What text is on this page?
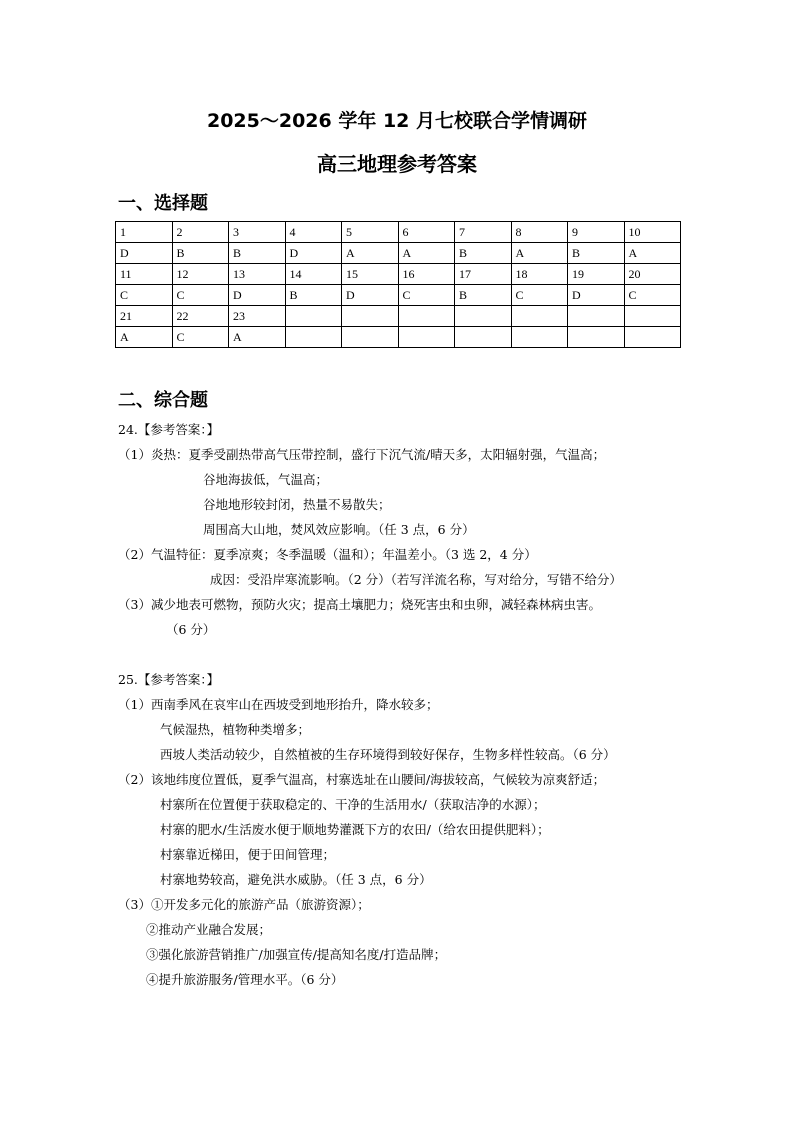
2025～2026 学年 12 月七校联合学情调研
高三地理参考答案
一、选择题
1	2	3	4	5	6	7	8	9	10
D	B	B	D	A	A	B	A	B	A
11	12	13	14	15	16	17	18	19	20
C	C	D	B	D	C	B	C	D	C
21	22	23							
A	C	A							
二、综合题
24.【参考答案：】
（1）炎热：夏季受副热带高气压带控制，盛行下沉气流/晴天多，太阳辐射强，气温高；
谷地海拔低，气温高；
谷地地形较封闭，热量不易散失；
周围高大山地，焚风效应影响。（任 3 点，6 分）
（2）气温特征：夏季凉爽；冬季温暖（温和）；年温差小。（3 选 2，4 分）
成因：受沿岸寒流影响。（2 分）（若写洋流名称，写对给分，写错不给分）
（3）减少地表可燃物，预防火灾；提高土壤肥力；烧死害虫和虫卵，减轻森林病虫害。
（6 分）
25.【参考答案：】
（1）西南季风在哀牢山在西坡受到地形抬升，降水较多；
气候湿热，植物种类增多；
西坡人类活动较少，自然植被的生存环境得到较好保存，生物多样性较高。（6 分）
（2）该地纬度位置低，夏季气温高，村寨选址在山腰间/海拔较高，气候较为凉爽舒适；
村寨所在位置便于获取稳定的、干净的生活用水/（获取洁净的水源）；
村寨的肥水/生活废水便于顺地势灌溉下方的农田/（给农田提供肥料）；
村寨靠近梯田，便于田间管理；
村寨地势较高，避免洪水威胁。（任 3 点，6 分）
（3）①开发多元化的旅游产品（旅游资源）；
②推动产业融合发展；
③强化旅游营销推广/加强宣传/提高知名度/打造品牌；
④提升旅游服务/管理水平。（6 分）
